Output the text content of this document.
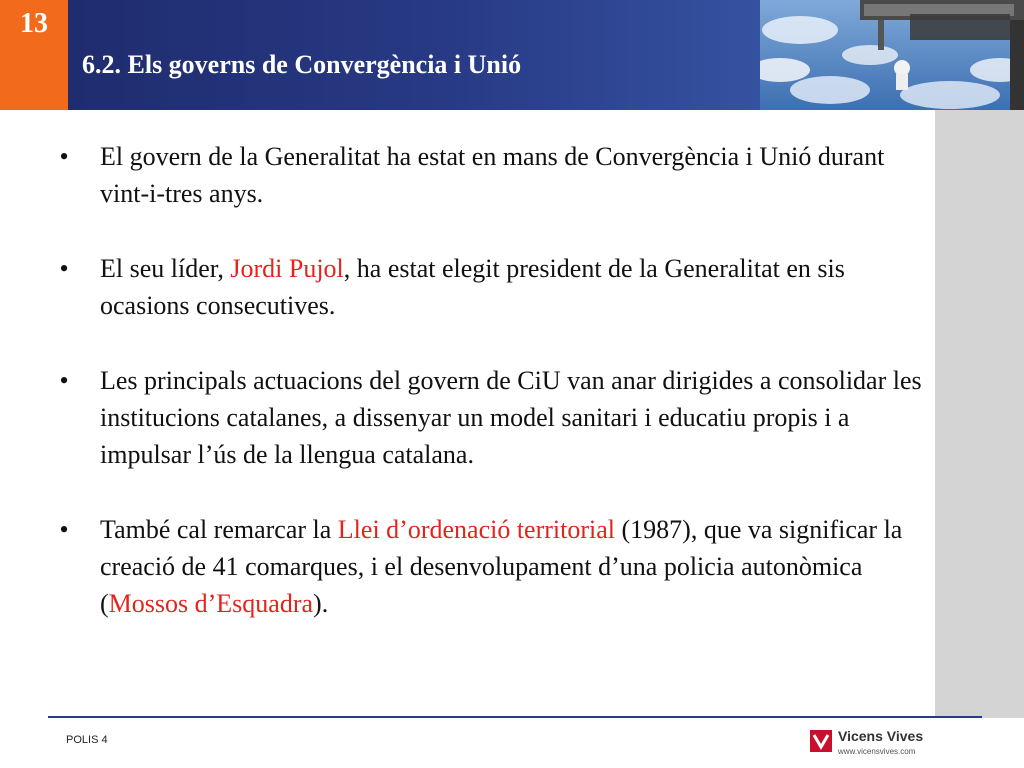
13
6.2. Els governs de Convergència i Unió
• El govern de la Generalitat ha estat en mans de Convergència i Unió durant vint-i-tres anys.
• El seu líder, Jordi Pujol, ha estat elegit president de la Generalitat en sis ocasions consecutives.
• Les principals actuacions del govern de CiU van anar dirigides a consolidar les institucions catalanes, a dissenyar un model sanitari i educatiu propis i a impulsar l’ús de la llengua catalana.
• També cal remarcar la Llei d’ordenació territorial (1987), que va significar la creació de 41 comarques, i el desenvolupament d’una policia autonòmica (Mossos d’Esquadra).
POLIS 4	Vicens Vives
www.vicensvives.com
